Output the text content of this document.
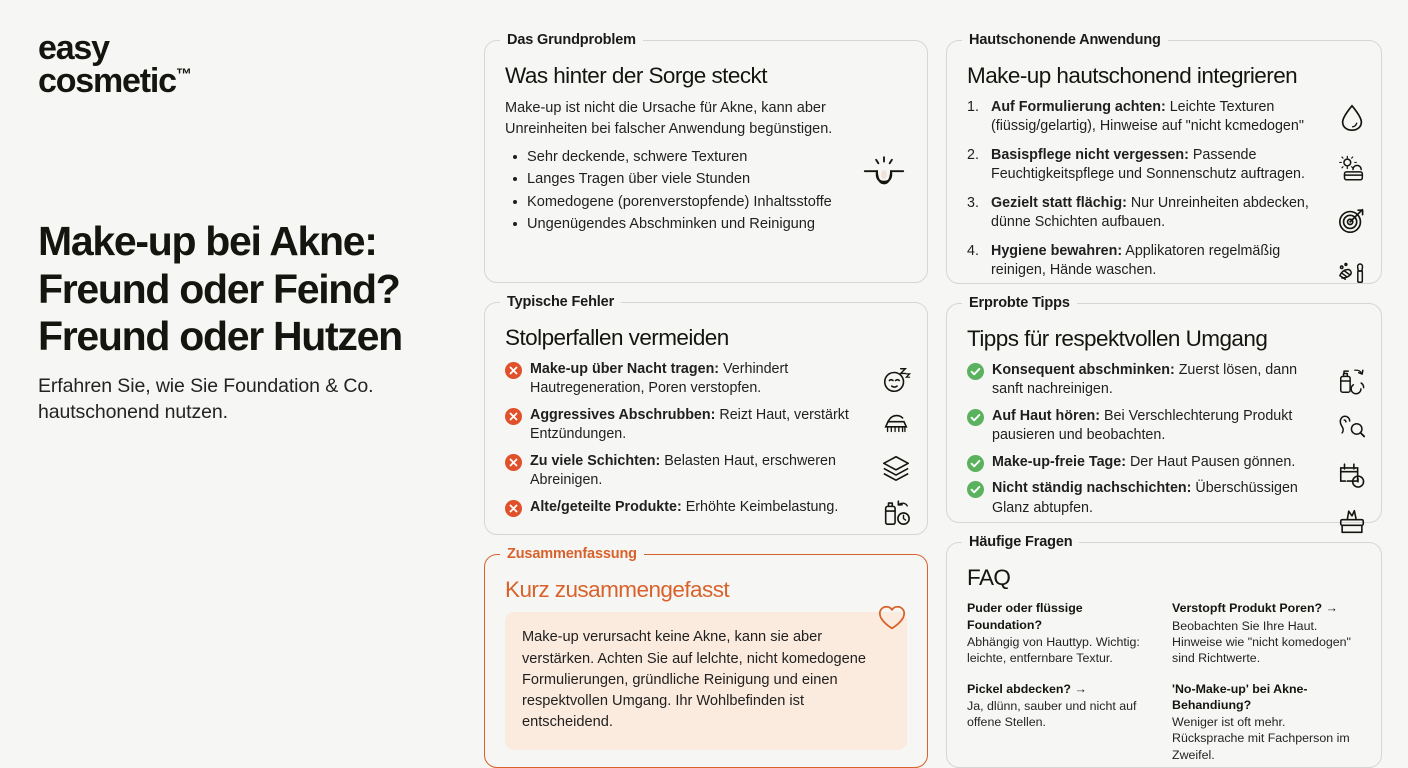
easy
cosmetic™
Make-up bei Akne:
Freund oder Feind?
Freund oder Hutzen

Erfahren Sie, wie Sie Foundation & Co.
hautschonend nutzen.

Das Grundproblem
Was hinter der Sorge steckt
Make-up ist nicht die Ursache für Akne, kann aber Unreinheiten bei falscher Anwendung begünstigen.
Sehr deckende, schwere Texturen
Langes Tragen über viele Stunden
Komedogene (porenverstopfende) Inhaltsstoffe
Ungenügendes Abschminken und Reinigung
Typische Fehler
Stolperfallen vermeiden
Make-up über Nacht tragen: Verhindert Hautregeneration, Poren verstopfen.
Aggressives Abschrubben: Reizt Haut, verstärkt Entzündungen.
Zu viele Schichten: Belasten Haut, erschweren Abreinigen.
Alte/geteilte Produkte: Erhöhte Keimbelastung.
Zusammenfassung
Kurz zusammengefasst
Make-up verursacht keine Akne, kann sie aber verstärken. Achten Sie auf lelchte, nicht komedogene Formulierungen, gründliche Reinigung und einen respektvollen Umgang. Ihr Wohlbefinden ist entscheidend.
Hautschonende Anwendung
Make-up hautschonend integrieren
1. Auf Formulierung achten: Leichte Texturen (fiüssig/gelartig), Hinweise auf "nicht kcmedogen"
2. Basispflege nicht vergessen: Passende Feuchtigkeitspflege und Sonnenschutz auftragen.
3. Gezielt statt flächig: Nur Unreinheiten abdecken, dünne Schichten aufbauen.
4. Hygiene bewahren: Applikatoren regelmäßig reinigen, Hände waschen.
Erprobte Tipps
Tipps für respektvollen Umgang
Konsequent abschminken: Zuerst lösen, dann sanft nachreinigen.
Auf Haut hören: Bei Verschlechterung Produkt pausieren und beobachten.
Make-up-freie Tage: Der Haut Pausen gönnen.
Nicht ständig nachschichten: Überschüssigen Glanz abtupfen.
Häufige Fragen
FAQ
Puder oder flüssige Foundation?
Abhängig von Hauttyp. Wichtig: leichte, entfernbare Textur.
Verstopft Produkt Poren? →
Beobachten Sie Ihre Haut. Hinweise wie "nicht komedogen" sind Richtwerte.
Pickel abdecken? →
Ja, dlünn, sauber und nicht auf offene Stellen.
'No-Make-up' bei Akne-Behandiung?
Weniger ist oft mehr. Rücksprache mit Fachperson im Zweifel.
